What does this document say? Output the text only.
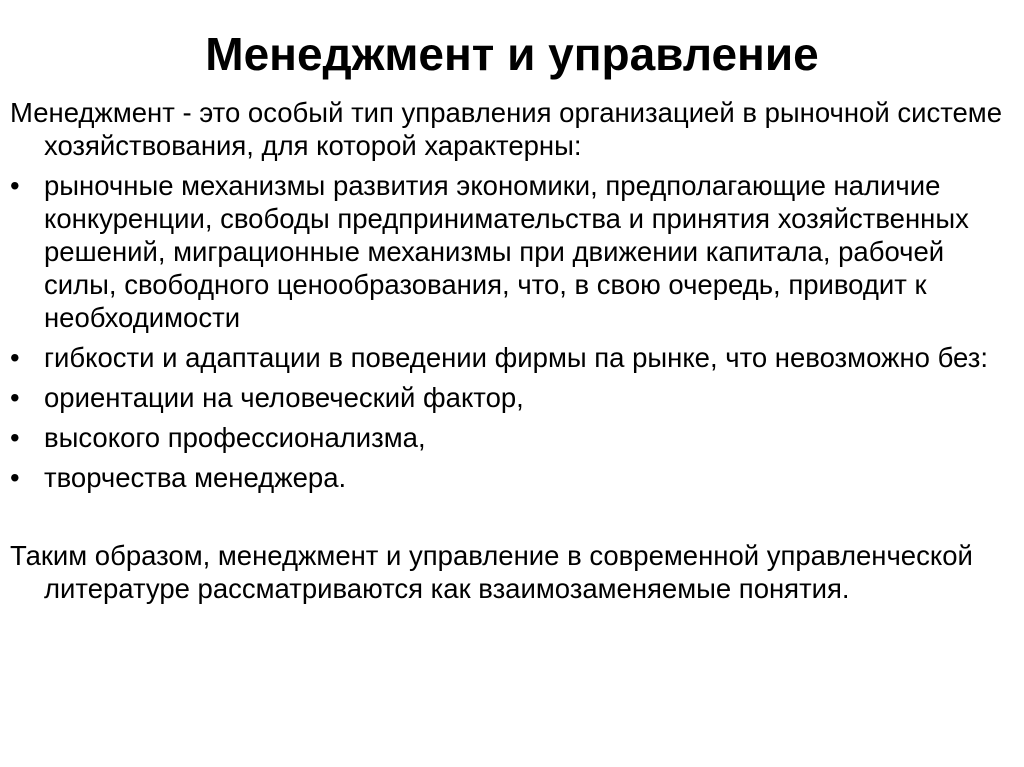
Менеджмент и управление

Менеджмент - это особый тип управления организацией в рыночной системе хозяйствования, для которой характерны:

• рыночные механизмы развития экономики, предполагающие наличие конкуренции, свободы предпринимательства и принятия хозяйственных решений, миграционные механизмы при движении капитала, рабочей силы, свободного ценообразования, что, в свою очередь, приводит к необходимости
• гибкости и адаптации в поведении фирмы па рынке, что невозможно без:
• ориентации на человеческий фактор,
• высокого профессионализма,
• творчества менеджера.

Таким образом, менеджмент и управление в современной управленческой литературе рассматриваются как взаимозаменяемые понятия.
